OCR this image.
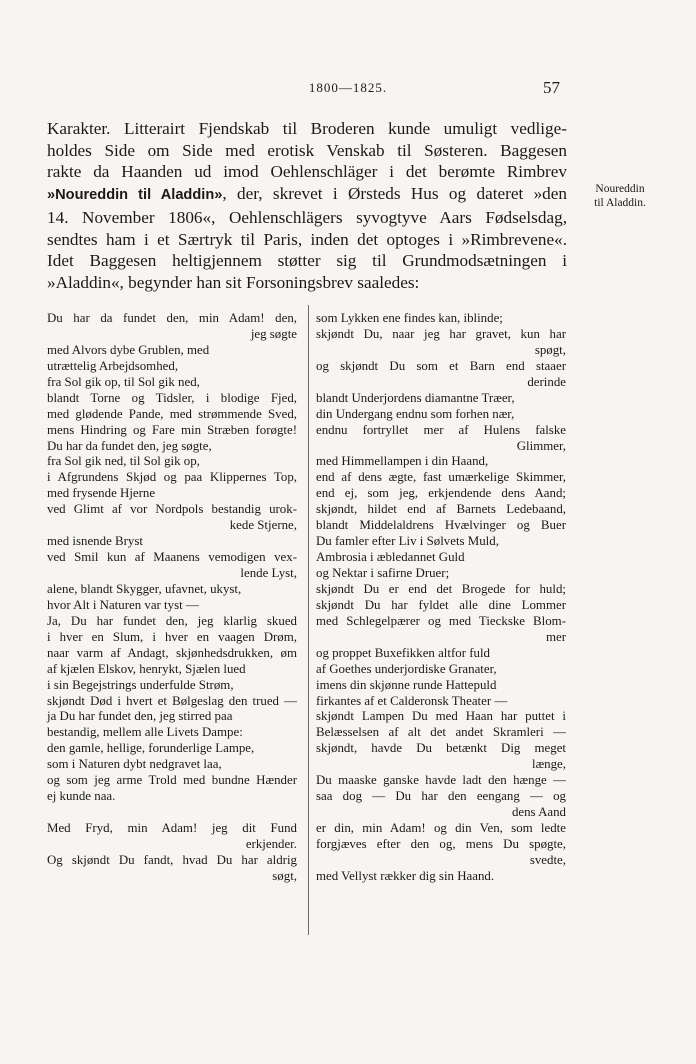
1800—1825.	57
Karakter. Litterairt Fjendskab til Broderen kunde umuligt vedlige-
holdes Side om Side med erotisk Venskab til Søsteren. Baggesen
rakte da Haanden ud imod Oehlenschläger i det berømte Rimbrev
»Noureddin til Aladdin», der, skrevet i Ørsteds Hus og dateret »den
14. November 1806«, Oehlenschlägers syvogtyve Aars Fødselsdag,
sendtes ham i et Særtryk til Paris, inden det optoges i »Rimbrevene«.
Idet Baggesen heltigjennem støtter sig til Grundmodsætningen i
»Aladdin«, begynder han sit Forsoningsbrev saaledes:
Noureddin
til Aladdin.
Du har da fundet den, min Adam! den,
jeg søgte
med Alvors dybe Grublen, med
utrættelig Arbejdsomhed,
fra Sol gik op, til Sol gik ned,
blandt Torne og Tidsler, i blodige Fjed,
med glødende Pande, med strømmende Sved,
mens Hindring og Fare min Stræben forøgte!
Du har da fundet den, jeg søgte,
fra Sol gik ned, til Sol gik op,
i Afgrundens Skjød og paa Klippernes Top,
med frysende Hjerne
ved Glimt af vor Nordpols bestandig urok-
kede Stjerne,
med isnende Bryst
ved Smil kun af Maanens vemodigen vex-
lende Lyst,
alene, blandt Skygger, ufavnet, ukyst,
hvor Alt i Naturen var tyst —
Ja, Du har fundet den, jeg klarlig skued
i hver en Slum, i hver en vaagen Drøm,
naar varm af Andagt, skjønhedsdrukken, øm
af kjælen Elskov, henrykt, Sjælen lued
i sin Begejstrings underfulde Strøm,
skjøndt Død i hvert et Bølgeslag den trued —
ja Du har fundet den, jeg stirred paa
bestandig, mellem alle Livets Dampe:
den gamle, hellige, forunderlige Lampe,
som i Naturen dybt nedgravet laa,
og som jeg arme Trold med bundne Hænder
ej kunde naa.
Med Fryd, min Adam! jeg dit Fund
erkjender.
Og skjøndt Du fandt, hvad Du har aldrig
søgt,
som Lykken ene findes kan, iblinde;
skjøndt Du, naar jeg har gravet, kun har
spøgt,
og skjøndt Du som et Barn end staaer
derinde
blandt Underjordens diamantne Træer,
din Undergang endnu som forhen nær,
endnu fortryllet mer af Hulens falske
Glimmer,
med Himmellampen i din Haand,
end af dens ægte, fast umærkelige Skimmer,
end ej, som jeg, erkjendende dens Aand;
skjøndt, hildet end af Barnets Ledebaand,
blandt Middelaldrens Hvælvinger og Buer
Du famler efter Liv i Sølvets Muld,
Ambrosia i æbledannet Guld
og Nektar i safirne Druer;
skjøndt Du er end det Brogede for huld;
skjøndt Du har fyldet alle dine Lommer
med Schlegelpærer og med Tieckske Blom-
mer
og proppet Buxefikken altfor fuld
af Goethes underjordiske Granater,
imens din skjønne runde Hattepuld
firkantes af et Calderonsk Theater —
skjøndt Lampen Du med Haan har puttet i
Belæsselsen af alt det andet Skramleri —
skjøndt, havde Du betænkt Dig meget
længe,
Du maaske ganske havde ladt den hænge —
saa dog — Du har den eengang — og
dens Aand
er din, min Adam! og din Ven, som ledte
forgjæves efter den og, mens Du spøgte,
svedte,
med Vellyst rækker dig sin Haand.
